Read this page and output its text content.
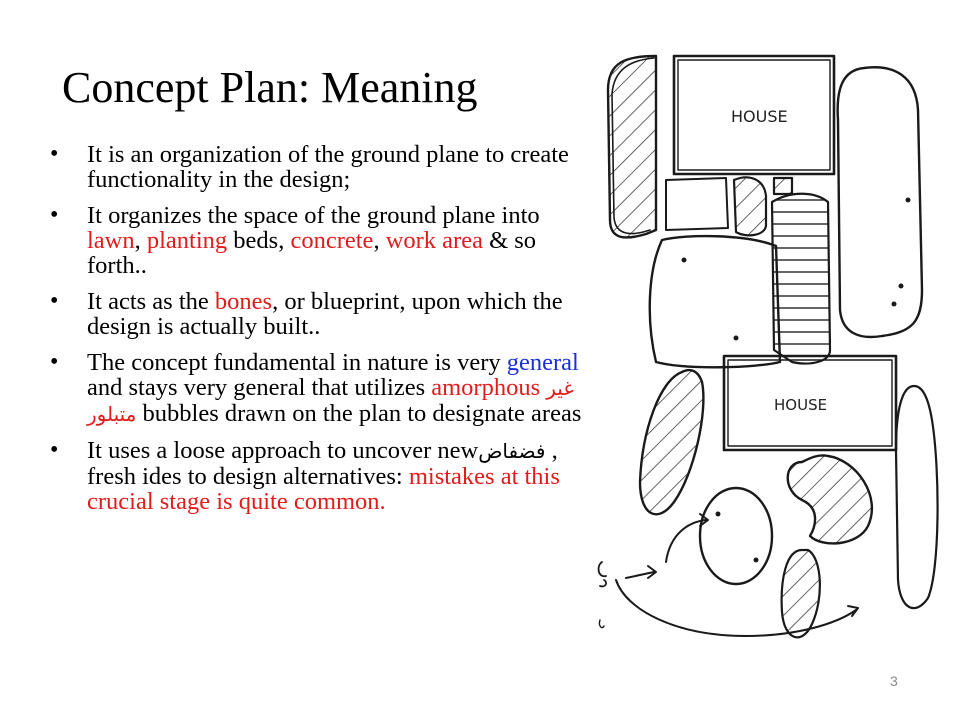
Concept Plan: Meaning
• It is an organization of the ground plane to create functionality in the design;
• It organizes the space of the ground plane into lawn, planting beds, concrete, work area & so forth..
• It acts as the bones, or blueprint, upon which the design is actually built..
• The concept fundamental in nature is very general and stays very general that utilizes amorphous غير متبلور bubbles drawn on the plan to designate areas
• It uses a loose approach to uncover newفضفاض , fresh ides to design alternatives: mistakes at this crucial stage is quite common.
HOUSE
HOUSE
3
